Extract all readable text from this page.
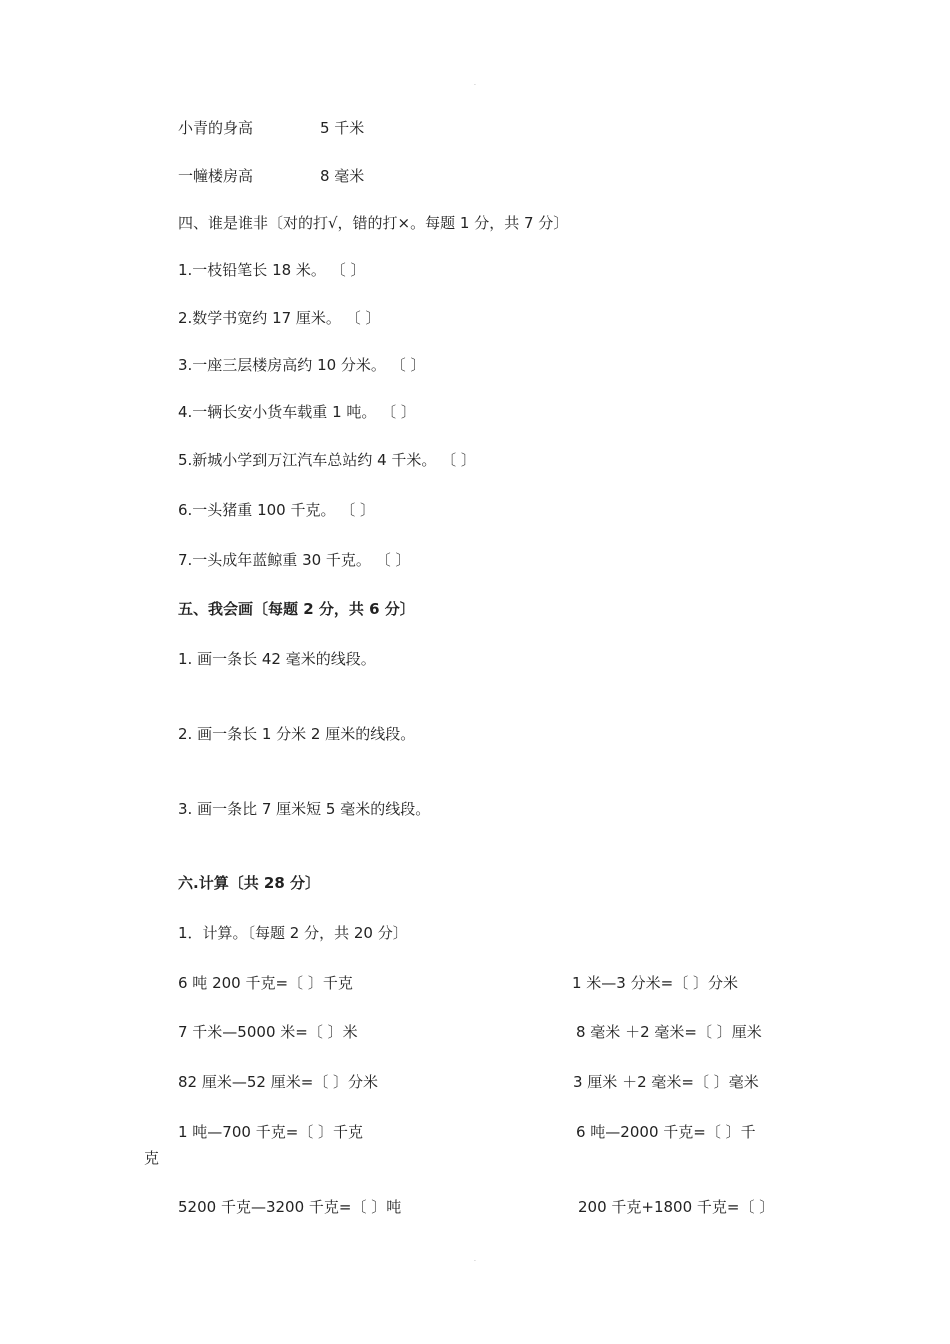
.
小青的身高	5 千米
一幢楼房高	8 毫米
四、谁是谁非〔对的打√，错的打×。每题 1 分，共 7 分〕
1.一枝铅笔长 18 米。 〔 〕
2.数学书宽约 17 厘米。 〔 〕
3.一座三层楼房高约 10 分米。 〔 〕
4.一辆长安小货车载重 1 吨。 〔 〕
5.新城小学到万江汽车总站约 4 千米。 〔 〕
6.一头猪重 100 千克。 〔 〕
7.一头成年蓝鲸重 30 千克。 〔 〕
五、我会画〔每题 2 分，共 6 分〕
1. 画一条长 42 毫米的线段。
2. 画一条长 1 分米 2 厘米的线段。
3. 画一条比 7 厘米短 5 毫米的线段。
六.计算〔共 28 分〕
1．计算。〔每题 2 分，共 20 分〕
6 吨 200 千克=〔 〕千克	1 米—3 分米=〔 〕分米
7 千米—5000 米=〔 〕米	8 毫米 ＋2 毫米=〔 〕厘米
82 厘米—52 厘米=〔 〕分米	3 厘米 ＋2 毫米=〔 〕毫米
1 吨—700 千克=〔 〕千克	6 吨—2000 千克=〔 〕千
克
5200 千克—3200 千克=〔 〕吨	200 千克+1800 千克=〔 〕
.
